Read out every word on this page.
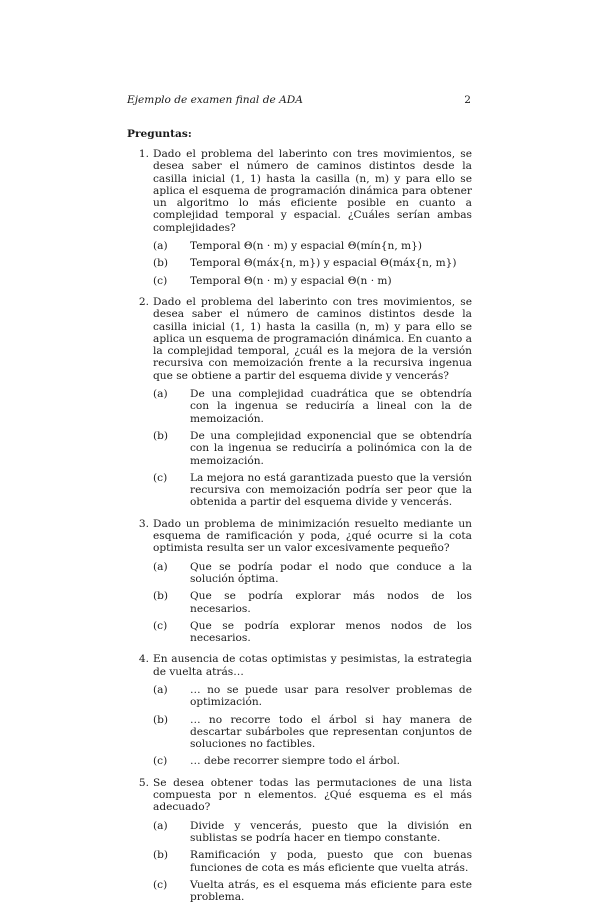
Ejemplo de examen final de ADA	2
Preguntas:
1. Dado el problema del laberinto con tres movimientos, se desea saber el número de caminos distintos desde la casilla inicial (1, 1) hasta la casilla (n, m) y para ello se aplica el esquema de programación dinámica para obtener un algoritmo lo más eficiente posible en cuanto a complejidad temporal y espacial. ¿Cuáles serían ambas complejidades?
(a)	Temporal Θ(n · m) y espacial Θ(mín{n, m})
(b)	Temporal Θ(máx{n, m}) y espacial Θ(máx{n, m})
(c)	Temporal Θ(n · m) y espacial Θ(n · m)
2. Dado el problema del laberinto con tres movimientos, se desea saber el número de caminos distintos desde la casilla inicial (1, 1) hasta la casilla (n, m) y para ello se aplica un esquema de programación dinámica. En cuanto a la complejidad temporal, ¿cuál es la mejora de la versión recursiva con memoización frente a la recursiva ingenua que se obtiene a partir del esquema divide y vencerás?
(a)	De una complejidad cuadrática que se obtendría con la ingenua se reduciría a lineal con la de memoización.
(b)	De una complejidad exponencial que se obtendría con la ingenua se reduciría a polinómica con la de memoización.
(c)	La mejora no está garantizada puesto que la versión recursiva con memoización podría ser peor que la obtenida a partir del esquema divide y vencerás.
3. Dado un problema de minimización resuelto mediante un esquema de ramificación y poda, ¿qué ocurre si la cota optimista resulta ser un valor excesivamente pequeño?
(a)	Que se podría podar el nodo que conduce a la solución óptima.
(b)	Que se podría explorar más nodos de los necesarios.
(c)	Que se podría explorar menos nodos de los necesarios.
4. En ausencia de cotas optimistas y pesimistas, la estrategia de vuelta atrás…
(a)	… no se puede usar para resolver problemas de optimización.
(b)	… no recorre todo el árbol si hay manera de descartar subárboles que representan conjuntos de soluciones no factibles.
(c)	… debe recorrer siempre todo el árbol.
5. Se desea obtener todas las permutaciones de una lista compuesta por n elementos. ¿Qué esquema es el más adecuado?
(a)	Divide y vencerás, puesto que la división en sublistas se podría hacer en tiempo constante.
(b)	Ramificación y poda, puesto que con buenas funciones de cota es más eficiente que vuelta atrás.
(c)	Vuelta atrás, es el esquema más eficiente para este problema.
